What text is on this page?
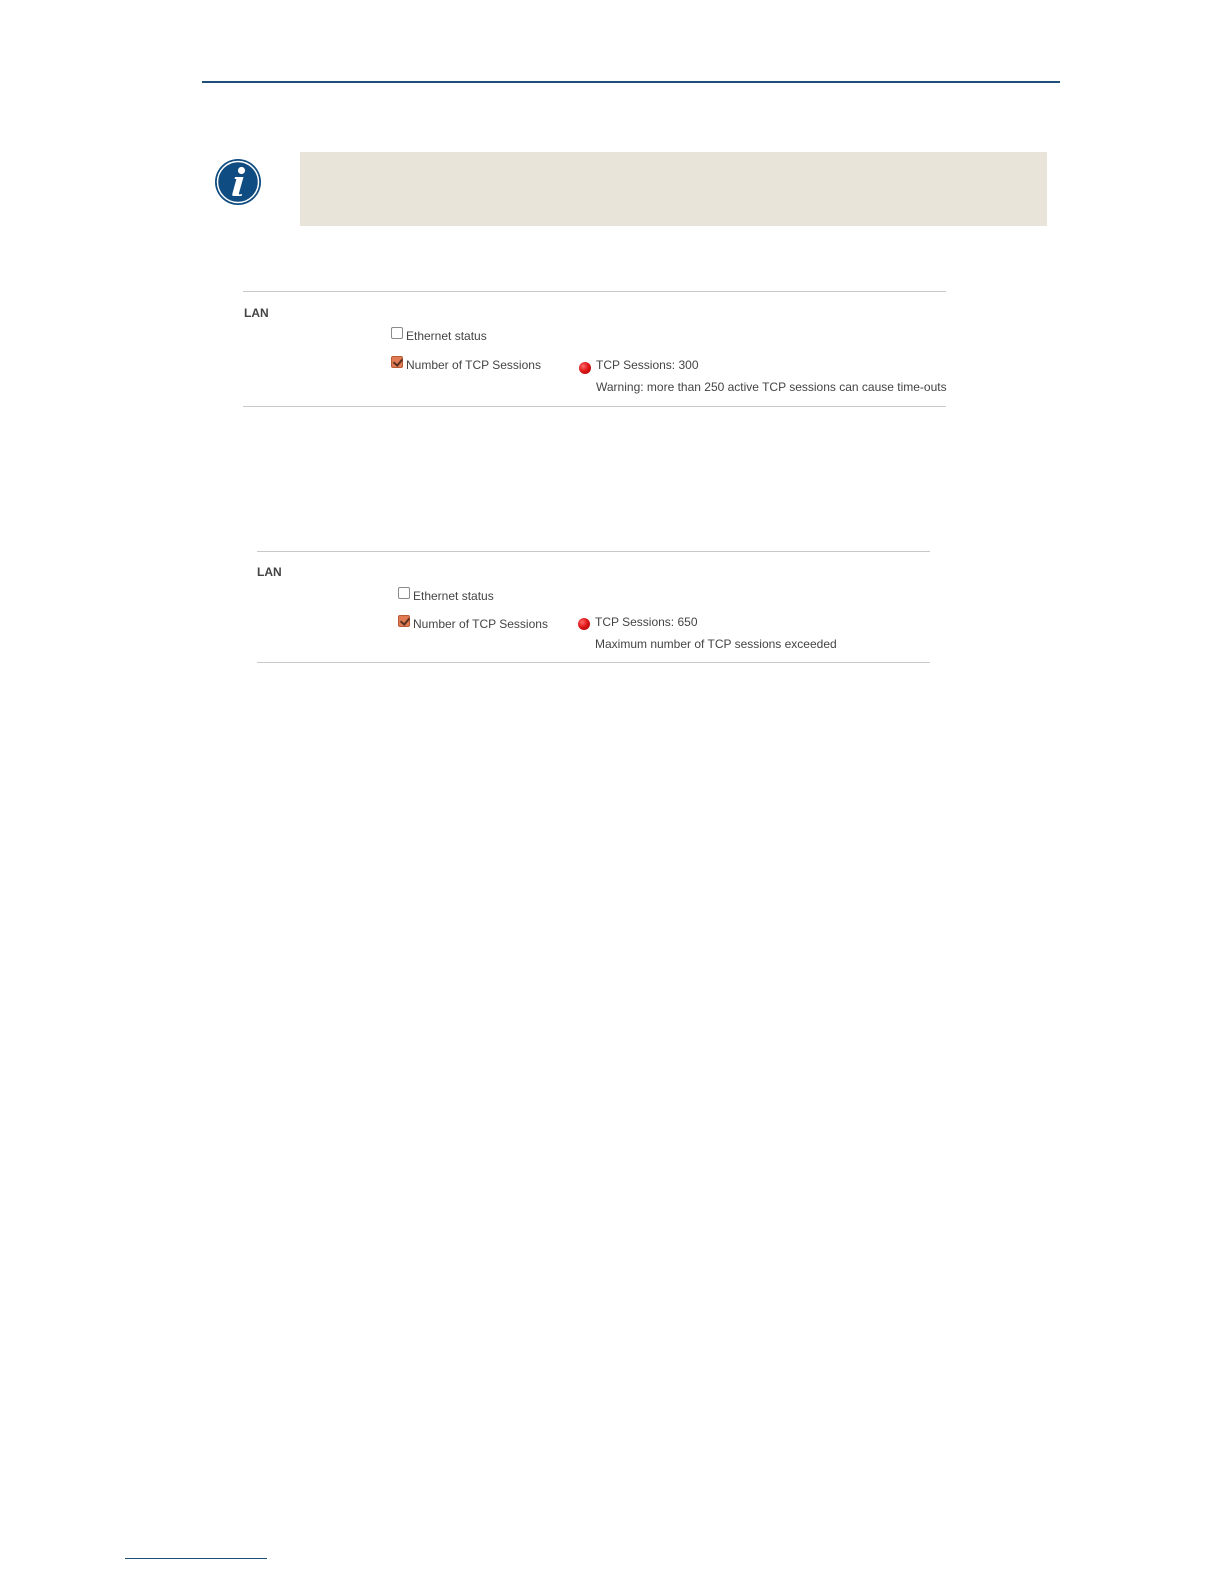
LAN
Ethernet status
Number of TCP Sessions	TCP Sessions: 300
Warning: more than 250 active TCP sessions can cause time-outs
LAN
Ethernet status
Number of TCP Sessions	TCP Sessions: 650
Maximum number of TCP sessions exceeded
